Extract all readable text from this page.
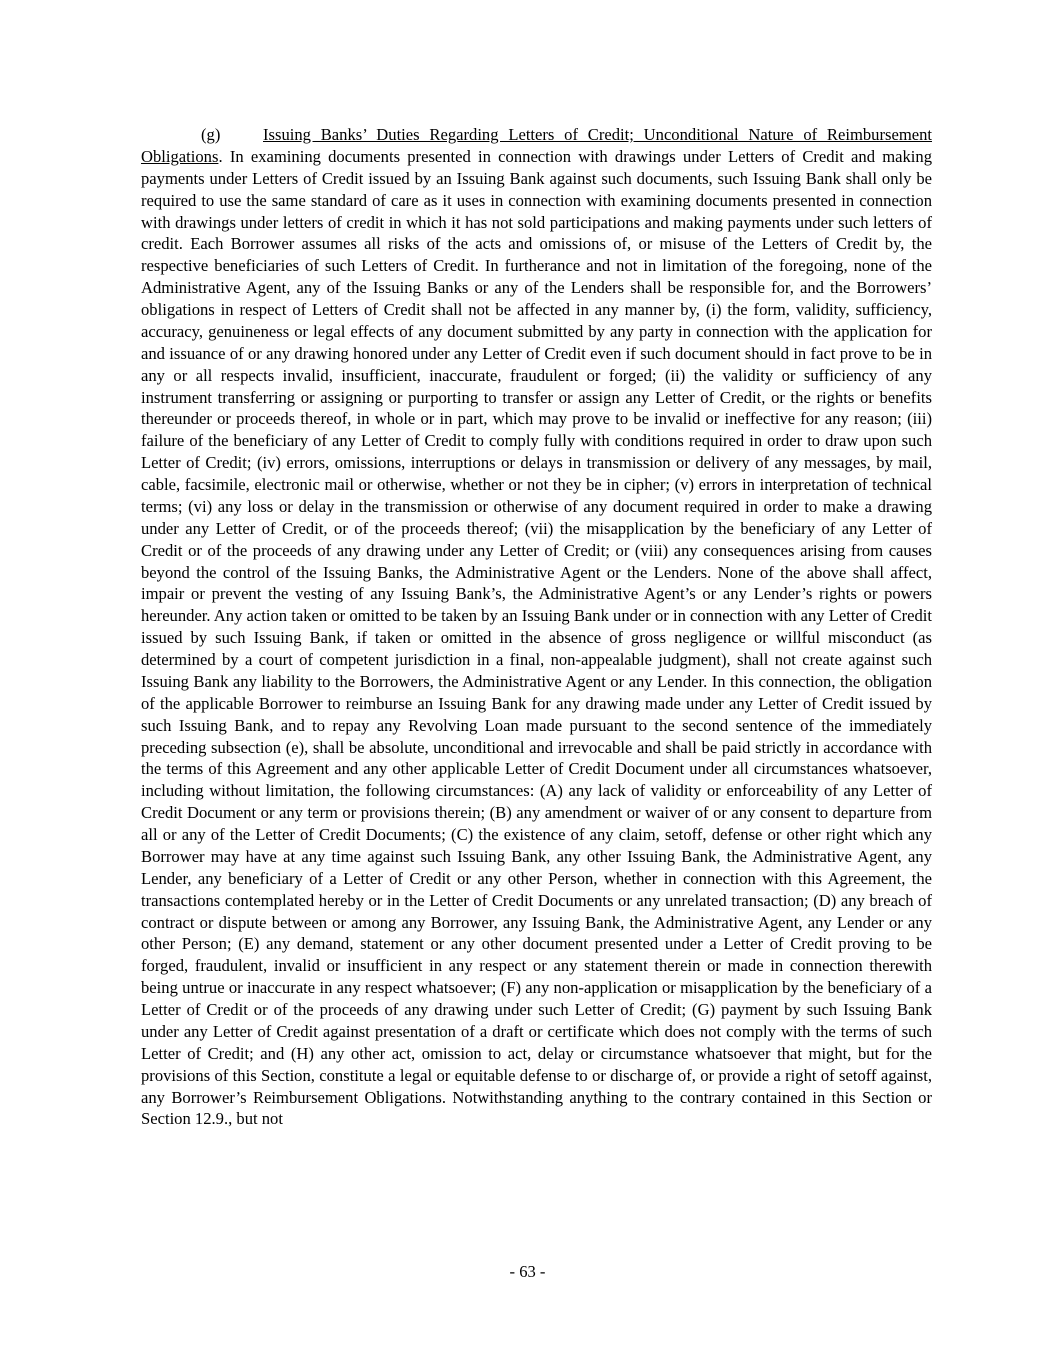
(g)	Issuing Banks’ Duties Regarding Letters of Credit; Unconditional Nature of Reimbursement Obligations. In examining documents presented in connection with drawings under Letters of Credit and making payments under Letters of Credit issued by an Issuing Bank against such documents, such Issuing Bank shall only be required to use the same standard of care as it uses in connection with examining documents presented in connection with drawings under letters of credit in which it has not sold participations and making payments under such letters of credit. Each Borrower assumes all risks of the acts and omissions of, or misuse of the Letters of Credit by, the respective beneficiaries of such Letters of Credit. In furtherance and not in limitation of the foregoing, none of the Administrative Agent, any of the Issuing Banks or any of the Lenders shall be responsible for, and the Borrowers’ obligations in respect of Letters of Credit shall not be affected in any manner by, (i) the form, validity, sufficiency, accuracy, genuineness or legal effects of any document submitted by any party in connection with the application for and issuance of or any drawing honored under any Letter of Credit even if such document should in fact prove to be in any or all respects invalid, insufficient, inaccurate, fraudulent or forged; (ii) the validity or sufficiency of any instrument transferring or assigning or purporting to transfer or assign any Letter of Credit, or the rights or benefits thereunder or proceeds thereof, in whole or in part, which may prove to be invalid or ineffective for any reason; (iii) failure of the beneficiary of any Letter of Credit to comply fully with conditions required in order to draw upon such Letter of Credit; (iv) errors, omissions, interruptions or delays in transmission or delivery of any messages, by mail, cable, facsimile, electronic mail or otherwise, whether or not they be in cipher; (v) errors in interpretation of technical terms; (vi) any loss or delay in the transmission or otherwise of any document required in order to make a drawing under any Letter of Credit, or of the proceeds thereof; (vii) the misapplication by the beneficiary of any Letter of Credit or of the proceeds of any drawing under any Letter of Credit; or (viii) any consequences arising from causes beyond the control of the Issuing Banks, the Administrative Agent or the Lenders. None of the above shall affect, impair or prevent the vesting of any Issuing Bank’s, the Administrative Agent’s or any Lender’s rights or powers hereunder. Any action taken or omitted to be taken by an Issuing Bank under or in connection with any Letter of Credit issued by such Issuing Bank, if taken or omitted in the absence of gross negligence or willful misconduct (as determined by a court of competent jurisdiction in a final, non-appealable judgment), shall not create against such Issuing Bank any liability to the Borrowers, the Administrative Agent or any Lender. In this connection, the obligation of the applicable Borrower to reimburse an Issuing Bank for any drawing made under any Letter of Credit issued by such Issuing Bank, and to repay any Revolving Loan made pursuant to the second sentence of the immediately preceding subsection (e), shall be absolute, unconditional and irrevocable and shall be paid strictly in accordance with the terms of this Agreement and any other applicable Letter of Credit Document under all circumstances whatsoever, including without limitation, the following circumstances: (A) any lack of validity or enforceability of any Letter of Credit Document or any term or provisions therein; (B) any amendment or waiver of or any consent to departure from all or any of the Letter of Credit Documents; (C) the existence of any claim, setoff, defense or other right which any Borrower may have at any time against such Issuing Bank, any other Issuing Bank, the Administrative Agent, any Lender, any beneficiary of a Letter of Credit or any other Person, whether in connection with this Agreement, the transactions contemplated hereby or in the Letter of Credit Documents or any unrelated transaction; (D) any breach of contract or dispute between or among any Borrower, any Issuing Bank, the Administrative Agent, any Lender or any other Person; (E) any demand, statement or any other document presented under a Letter of Credit proving to be forged, fraudulent, invalid or insufficient in any respect or any statement therein or made in connection therewith being untrue or inaccurate in any respect whatsoever; (F) any non-application or misapplication by the beneficiary of a Letter of Credit or of the proceeds of any drawing under such Letter of Credit; (G) payment by such Issuing Bank under any Letter of Credit against presentation of a draft or certificate which does not comply with the terms of such Letter of Credit; and (H) any other act, omission to act, delay or circumstance whatsoever that might, but for the provisions of this Section, constitute a legal or equitable defense to or discharge of, or provide a right of setoff against, any Borrower’s Reimbursement Obligations. Notwithstanding anything to the contrary contained in this Section or Section 12.9., but not

- 63 -
